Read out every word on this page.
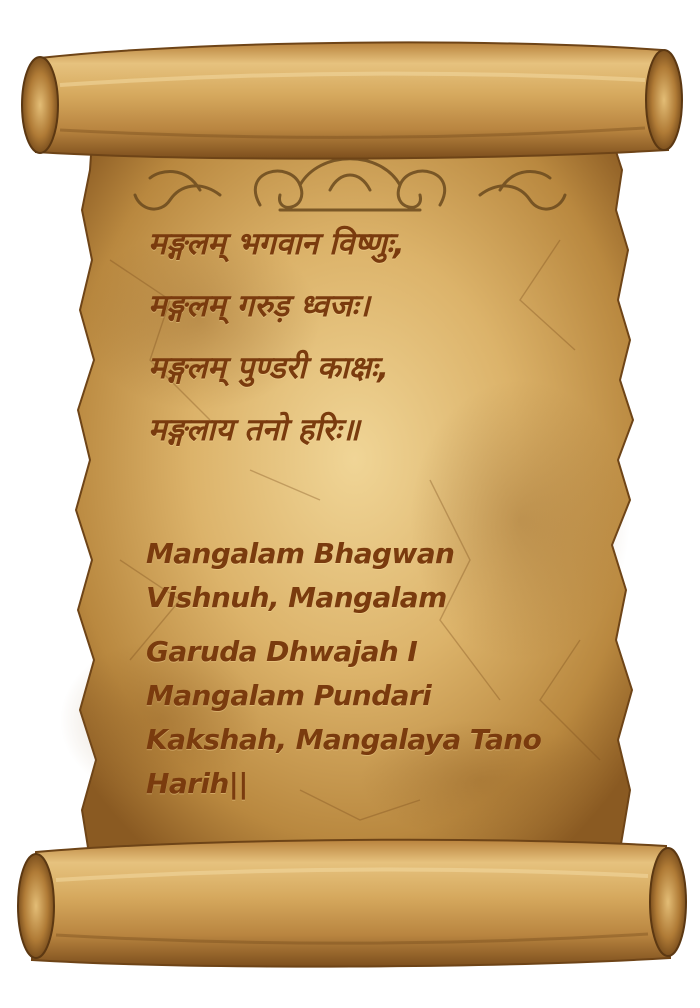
मङ्गलम् भगवान विष्णुः,
मङ्गलम् गरुड़ ध्वजः।
मङ्गलम् पुण्डरी काक्षः,
मङ्गलाय तनो हरिः॥
Mangalam Bhagwan
Vishnuh, Mangalam
Garuda Dhwajah I
Mangalam Pundari
Kakshah, Mangalaya Tano
Harih||
